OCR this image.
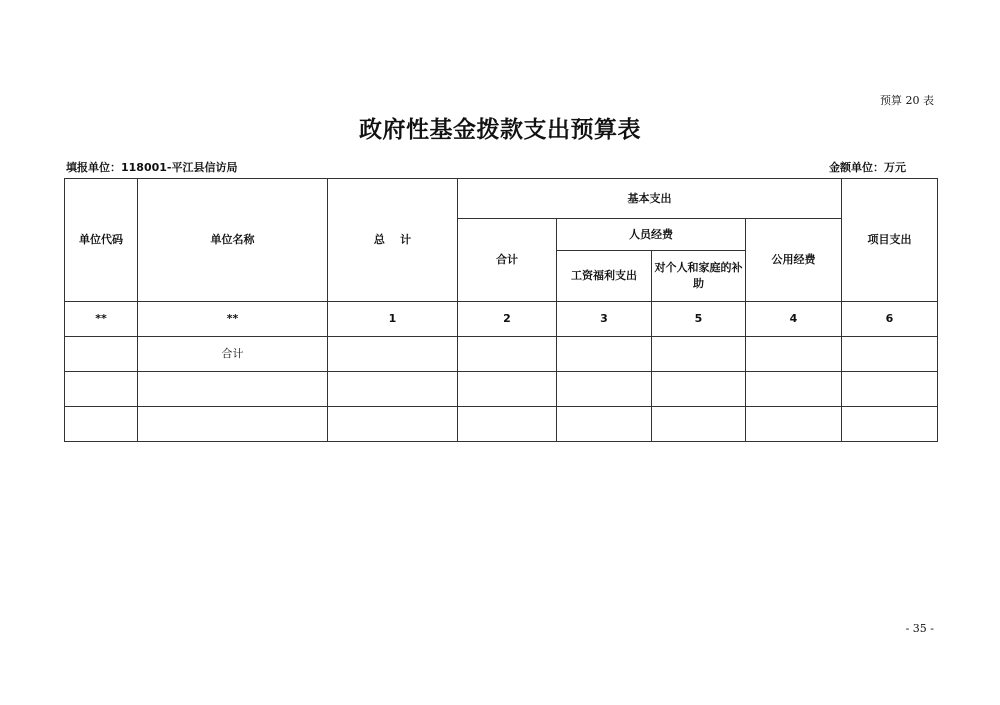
预算 20 表
政府性基金拨款支出预算表
填报单位：118001-平江县信访局	金额单位：万元
单位代码	单位名称	总    计	基本支出				项目支出
			合计	人员经费		公用经费	
				工资福利支出	对个人和家庭的补助		
**	**	1	2	3	5	4	6
	合计						

- 35 -
